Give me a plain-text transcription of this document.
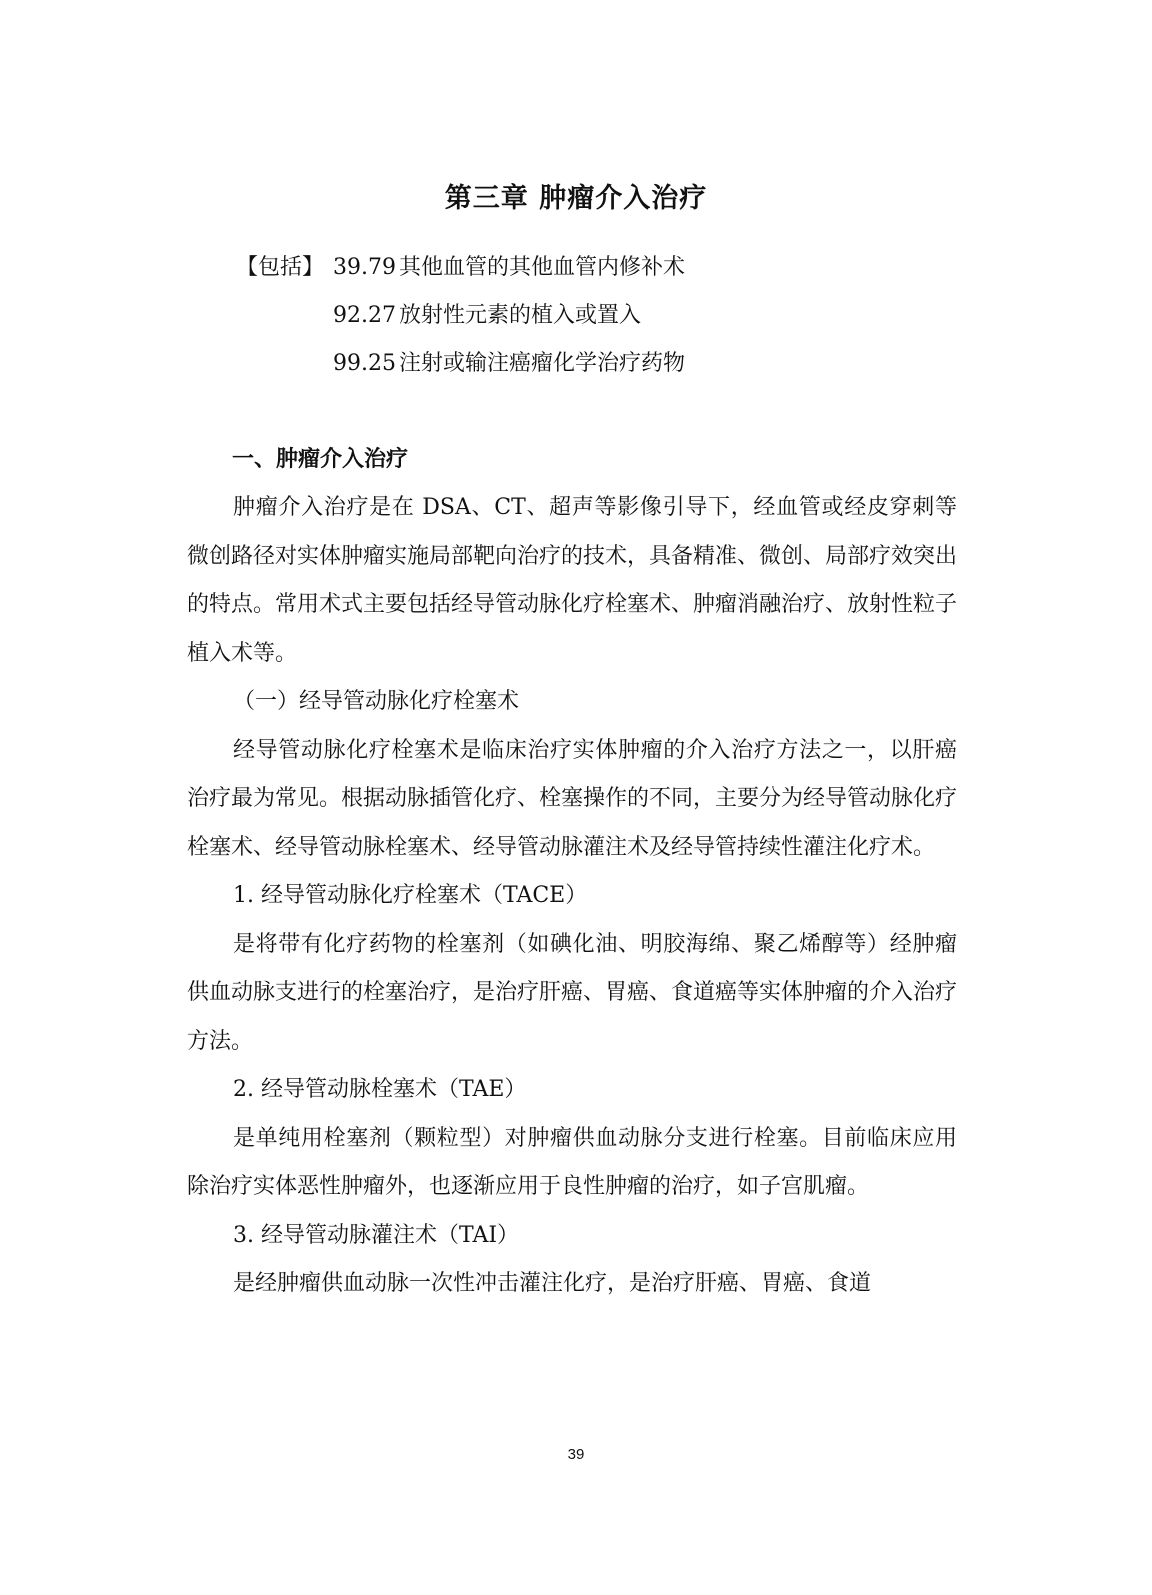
第三章 肿瘤介入治疗
【包括】 39.79 其他血管的其他血管内修补术
92.27 放射性元素的植入或置入
99.25 注射或输注癌瘤化学治疗药物
一、肿瘤介入治疗

肿瘤介入治疗是在 DSA、CT、超声等影像引导下，经血管或经皮穿刺等微创路径对实体肿瘤实施局部靶向治疗的技术，具备精准、微创、局部疗效突出的特点。常用术式主要包括经导管动脉化疗栓塞术、肿瘤消融治疗、放射性粒子植入术等。

（一）经导管动脉化疗栓塞术

经导管动脉化疗栓塞术是临床治疗实体肿瘤的介入治疗方法之一，以肝癌治疗最为常见。根据动脉插管化疗、栓塞操作的不同，主要分为经导管动脉化疗栓塞术、经导管动脉栓塞术、经导管动脉灌注术及经导管持续性灌注化疗术。

1. 经导管动脉化疗栓塞术（TACE）

是将带有化疗药物的栓塞剂（如碘化油、明胶海绵、聚乙烯醇等）经肿瘤供血动脉支进行的栓塞治疗，是治疗肝癌、胃癌、食道癌等实体肿瘤的介入治疗方法。

2. 经导管动脉栓塞术（TAE）

是单纯用栓塞剂（颗粒型）对肿瘤供血动脉分支进行栓塞。目前临床应用除治疗实体恶性肿瘤外，也逐渐应用于良性肿瘤的治疗，如子宫肌瘤。

3. 经导管动脉灌注术（TAI）

是经肿瘤供血动脉一次性冲击灌注化疗，是治疗肝癌、胃癌、食道

39
